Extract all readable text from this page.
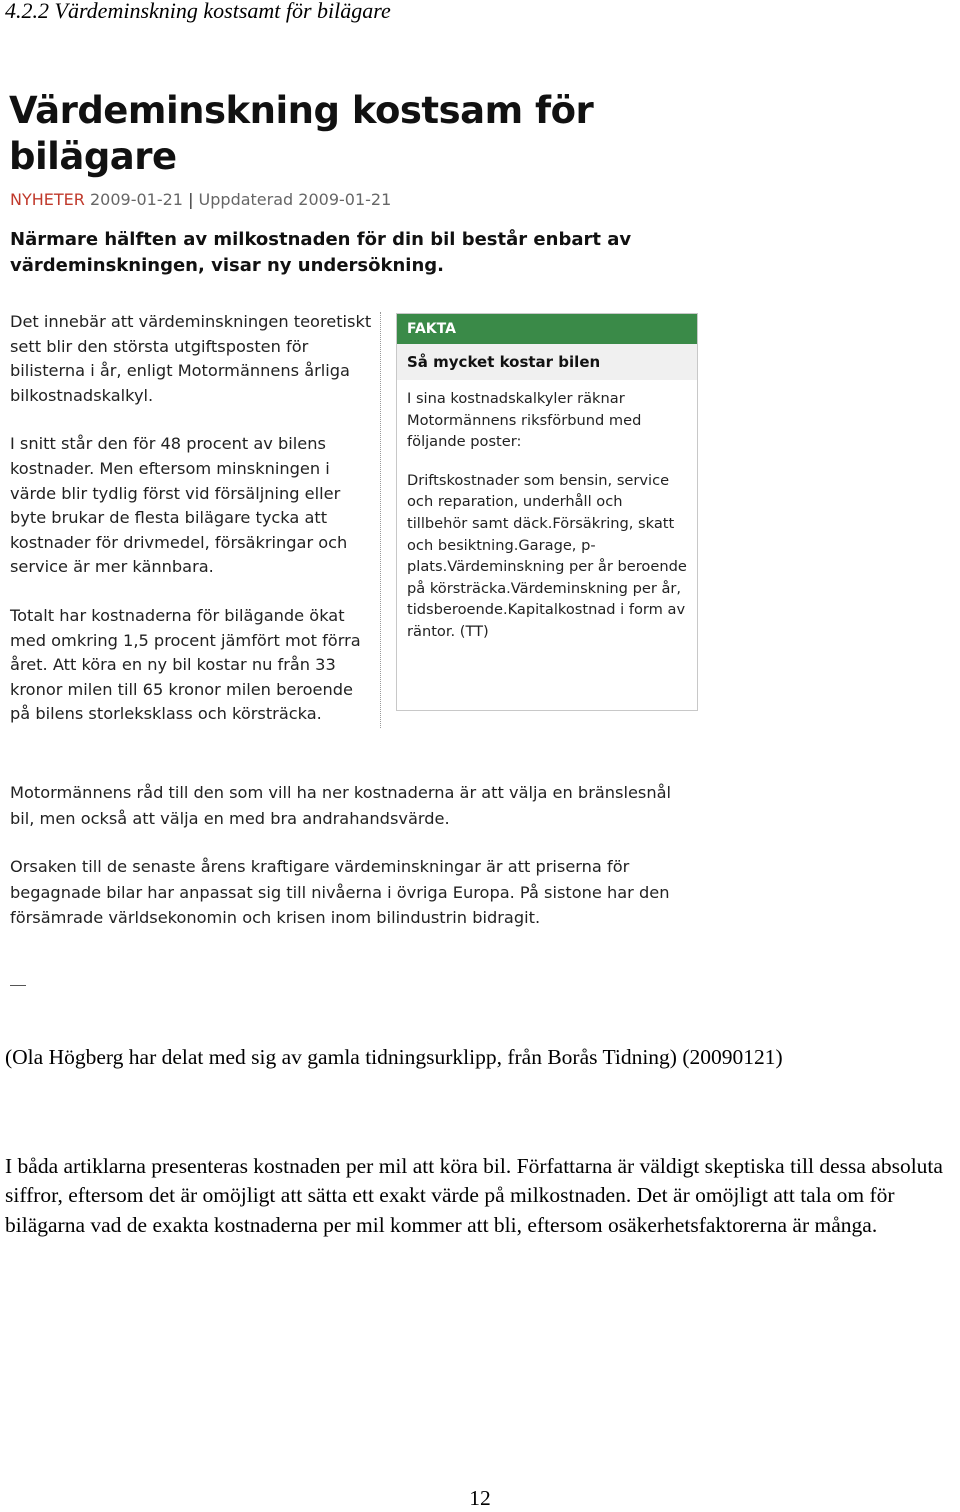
4.2.2 Värdeminskning kostsamt för bilägare
Värdeminskning kostsam för bilägare
NYHETER 2009-01-21 | Uppdaterad 2009-01-21
Närmare hälften av milkostnaden för din bil består enbart av värdeminskningen, visar ny undersökning.

Det innebär att värdeminskningen teoretiskt sett blir den största utgiftsposten för bilisterna i år, enligt Motormännens årliga bilkostnadskalkyl.

I snitt står den för 48 procent av bilens kostnader. Men eftersom minskningen i värde blir tydlig först vid försäljning eller byte brukar de flesta bilägare tycka att kostnader för drivmedel, försäkringar och service är mer kännbara.

Totalt har kostnaderna för bilägande ökat med omkring 1,5 procent jämfört mot förra året. Att köra en ny bil kostar nu från 33 kronor milen till 65 kronor milen beroende på bilens storleksklass och körsträcka.

FAKTA
Så mycket kostar bilen

I sina kostnadskalkyler räknar Motormännens riksförbund med följande poster:

Driftskostnader som bensin, service och reparation, underhåll och tillbehör samt däck.Försäkring, skatt och besiktning.Garage, p-plats.Värdeminskning per år beroende på körsträcka.Värdeminskning per år, tidsberoende.Kapitalkostnad i form av räntor. (TT)

Motormännens råd till den som vill ha ner kostnaderna är att välja en bränslesnål bil, men också att välja en med bra andrahandsvärde.
Orsaken till de senaste årens kraftigare värdeminskningar är att priserna för begagnade bilar har anpassat sig till nivåerna i övriga Europa. På sistone har den försämrade världsekonomin och krisen inom bilindustrin bidragit.
(Ola Högberg har delat med sig av gamla tidningsurklipp, från Borås Tidning) (20090121)
I båda artiklarna presenteras kostnaden per mil att köra bil. Författarna är väldigt skeptiska till dessa absoluta siffror, eftersom det är omöjligt att sätta ett exakt värde på milkostnaden. Det är omöjligt att tala om för bilägarna vad de exakta kostnaderna per mil kommer att bli, eftersom osäkerhetsfaktorerna är många.
12
